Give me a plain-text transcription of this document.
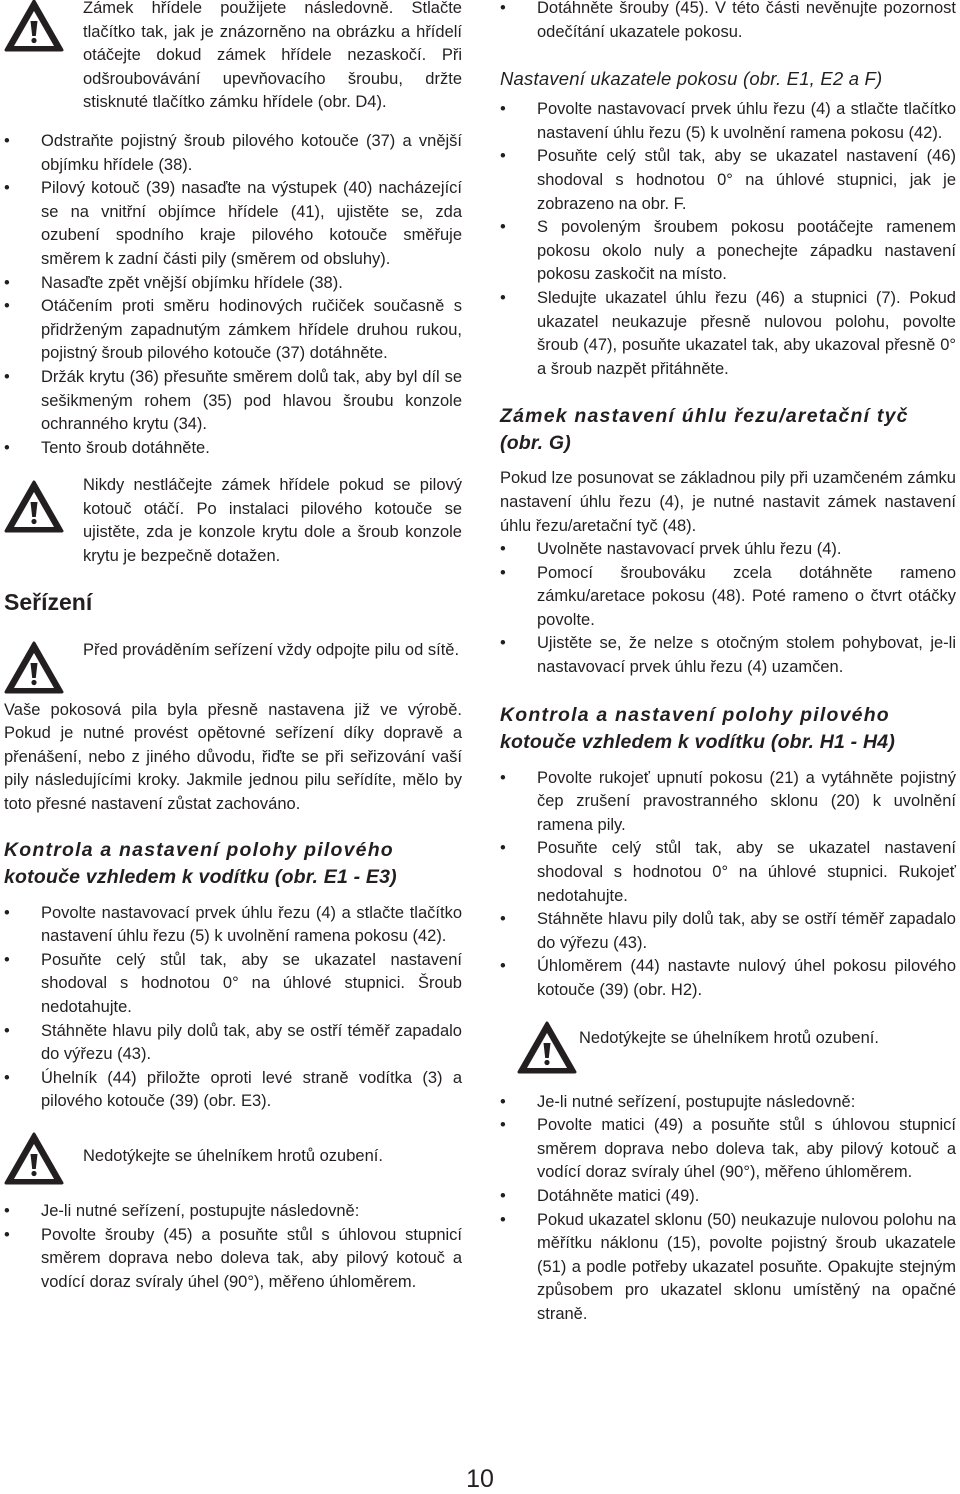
Zámek hřídele použijete následovně. Stlačte tlačítko tak, jak je znázorněno na obrázku a hřídelí otáčejte dokud zámek hřídele nezaskočí. Při odšroubovávání upevňovacího šroubu, držte stisknuté tlačítko zámku hřídele (obr. D4).

• Odstraňte pojistný šroub pilového kotouče (37) a vnější objímku hřídele (38).
• Pilový kotouč (39) nasaďte na výstupek (40) nacházející se na vnitřní objímce hřídele (41), ujistěte se, zda ozubení spodního kraje pilového kotouče směřuje směrem k zadní části pily (směrem od obsluhy).
• Nasaďte zpět vnější objímku hřídele (38).
• Otáčením proti směru hodinových ručiček současně s přidrženým zapadnutým zámkem hřídele druhou rukou, pojistný šroub pilového kotouče (37) dotáhněte.
• Držák krytu (36) přesuňte směrem dolů tak, aby byl díl se sešikmeným rohem (35) pod hlavou šroubu konzole ochranného krytu (34).
• Tento šroub dotáhněte.

Nikdy nestláčejte zámek hřídele pokud se pilový kotouč otáčí. Po instalaci pilového kotouče se ujistěte, zda je konzole krytu dole a šroub konzole krytu je bezpečně dotažen.

Seřízení

Před prováděním seřízení vždy odpojte pilu od sítě.

Vaše pokosová pila byla přesně nastavena již ve výrobě. Pokud je nutné provést opětovné seřízení díky dopravě a přenášení, nebo z jiného důvodu, řiďte se při seřizování vaší pily následujícími kroky. Jakmile jednou pilu seřídíte, mělo by toto přesné nastavení zůstat zachováno.

Kontrola a nastavení polohy pilového
kotouče vzhledem k vodítku (obr. E1 - E3)
• Povolte nastavovací prvek úhlu řezu (4) a stlačte tlačítko nastavení úhlu řezu (5) k uvolnění ramena pokosu (42).
• Posuňte celý stůl tak, aby se ukazatel nastavení shodoval s hodnotou 0° na úhlové stupnici. Šroub nedotahujte.
• Stáhněte hlavu pily dolů tak, aby se ostří téměř zapadalo do výřezu (43).
• Úhelník (44) přiložte oproti levé straně vodítka (3) a pilového kotouče (39) (obr. E3).

Nedotýkejte se úhelníkem hrotů ozubení.

• Je-li nutné seřízení, postupujte následovně:
• Povolte šrouby (45) a posuňte stůl s úhlovou stupnicí směrem doprava nebo doleva tak, aby pilový kotouč a vodící doraz svíraly úhel (90°), měřeno úhloměrem.
• Dotáhněte šrouby (45). V této části nevěnujte pozornost odečítání ukazatele pokosu.
Nastavení ukazatele pokosu (obr. E1, E2 a F)
• Povolte nastavovací prvek úhlu řezu (4) a stlačte tlačítko nastavení úhlu řezu (5) k uvolnění ramena pokosu (42).
• Posuňte celý stůl tak, aby se ukazatel nastavení (46) shodoval s hodnotou 0° na úhlové stupnici, jak je zobrazeno na obr. F.
• S povoleným šroubem pokosu pootáčejte ramenem pokosu okolo nuly a ponechejte západku nastavení pokosu zaskočit na místo.
• Sledujte ukazatel úhlu řezu (46) a stupnici (7). Pokud ukazatel neukazuje přesně nulovou polohu, povolte šroub (47), posuňte ukazatel tak, aby ukazoval přesně 0° a šroub nazpět přitáhněte.
Zámek nastavení úhlu řezu/aretační tyč
(obr. G)

Pokud lze posunovat se základnou pily při uzamčeném zámku nastavení úhlu řezu (4), je nutné nastavit zámek nastavení úhlu řezu/aretační tyč (48).

• Uvolněte nastavovací prvek úhlu řezu (4).
• Pomocí šroubováku zcela dotáhněte rameno zámku/aretace pokosu (48). Poté rameno o čtvrt otáčky povolte.
• Ujistěte se, že nelze s otočným stolem pohybovat, je-li nastavovací prvek úhlu řezu (4) uzamčen.
Kontrola a nastavení polohy pilového
kotouče vzhledem k vodítku (obr. H1 - H4)
• Povolte rukojeť upnutí pokosu (21) a vytáhněte pojistný čep zrušení pravostranného sklonu (20) k uvolnění ramena pily.
• Posuňte celý stůl tak, aby se ukazatel nastavení shodoval s hodnotou 0° na úhlové stupnici. Rukojeť nedotahujte.
• Stáhněte hlavu pily dolů tak, aby se ostří téměř zapadalo do výřezu (43).
• Úhloměrem (44) nastavte nulový úhel pokosu pilového kotouče (39) (obr. H2).

Nedotýkejte se úhelníkem hrotů ozubení.

• Je-li nutné seřízení, postupujte následovně:
• Povolte matici (49) a posuňte stůl s úhlovou stupnicí směrem doprava nebo doleva tak, aby pilový kotouč a vodící doraz svíraly úhel (90°), měřeno úhloměrem.
• Dotáhněte matici (49).
• Pokud ukazatel sklonu (50) neukazuje nulovou polohu na měřítku náklonu (15), povolte pojistný šroub ukazatele (51) a podle potřeby ukazatel posuňte. Opakujte stejným způsobem pro ukazatel sklonu umístěný na opačné straně.
10
